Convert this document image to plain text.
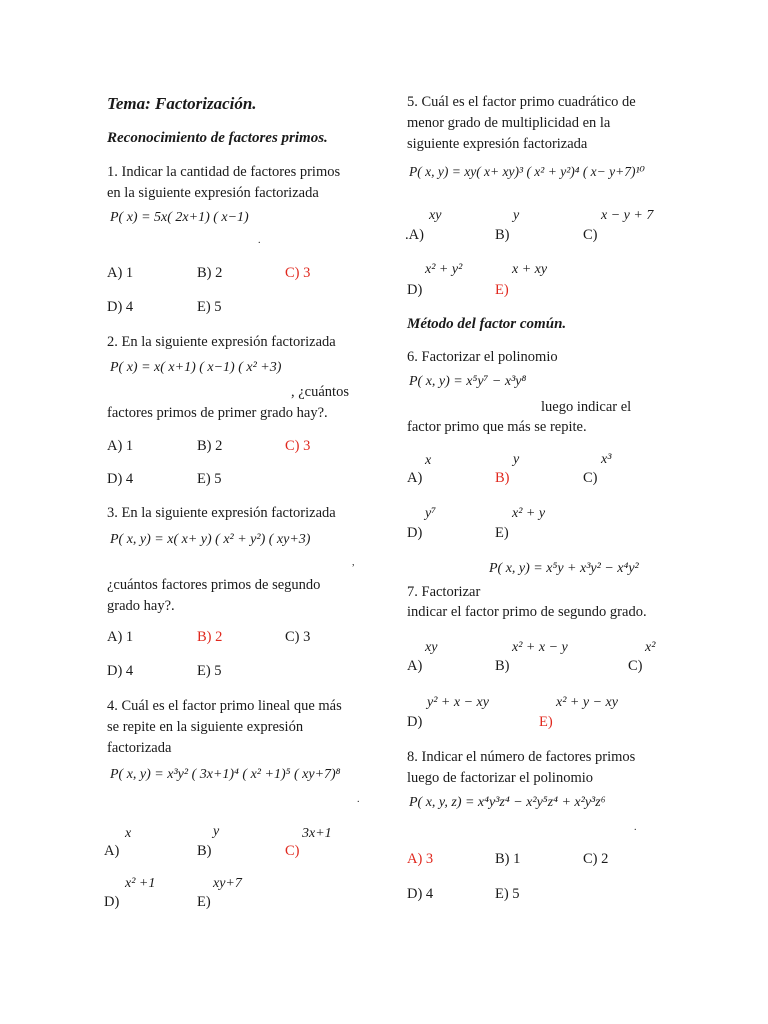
Tema: Factorización.
Reconocimiento de factores primos.
Método del factor común.
1. Indicar la cantidad de factores primos
en la siguiente expresión factorizada
P( x) = 5x( 2x+1) ( x−1)
.
A) 1	B) 2	C) 3
D) 4	E) 5
2. En la siguiente expresión factorizada
P( x) = x( x+1) ( x−1) ( x² +3)
, ¿cuántos
factores primos de primer grado hay?.
A) 1	B) 2	C) 3
D) 4	E) 5
3. En la siguiente expresión factorizada
P( x, y) = x( x+ y) ( x² + y²) ( xy+3)
,
¿cuántos factores primos de segundo
grado hay?.
A) 1	B) 2	C) 3
D) 4	E) 5
4. Cuál es el factor primo lineal que más
se repite en la siguiente expresión
factorizada
P( x, y) = x³y² ( 3x+1)⁴ ( x² +1)⁵ ( xy+7)⁸
.
x	y	3x+1
A)	B)	C)
x² +1	xy+7
D)	E)
5. Cuál es el factor primo cuadrático de
menor grado de multiplicidad en la
siguiente expresión factorizada
P( x, y) = xy( x+ xy)³ ( x² + y²)⁴ ( x− y+7)¹⁰
xy	y	x − y + 7
.A)	B)	C)
x² + y²	x + xy
D)	E)
6. Factorizar el polinomio
P( x, y) = x⁵y⁷ − x³y⁸
luego indicar el
factor primo que más se repite.
x	y	x³
A)	B)	C)
y⁷	x² + y
D)	E)
P( x, y) = x⁵y + x³y² − x⁴y²
7. Factorizar
indicar el factor primo de segundo grado.
xy	x² + x − y	x²
A)	B)	C)
y² + x − xy	x² + y − xy
D)	E)
8. Indicar el número de factores primos
luego de factorizar el polinomio
P( x, y, z) = x⁴y³z⁴ − x²y⁵z⁴ + x²y³z⁶
.
A) 3	B) 1	C) 2
D) 4	E) 5
